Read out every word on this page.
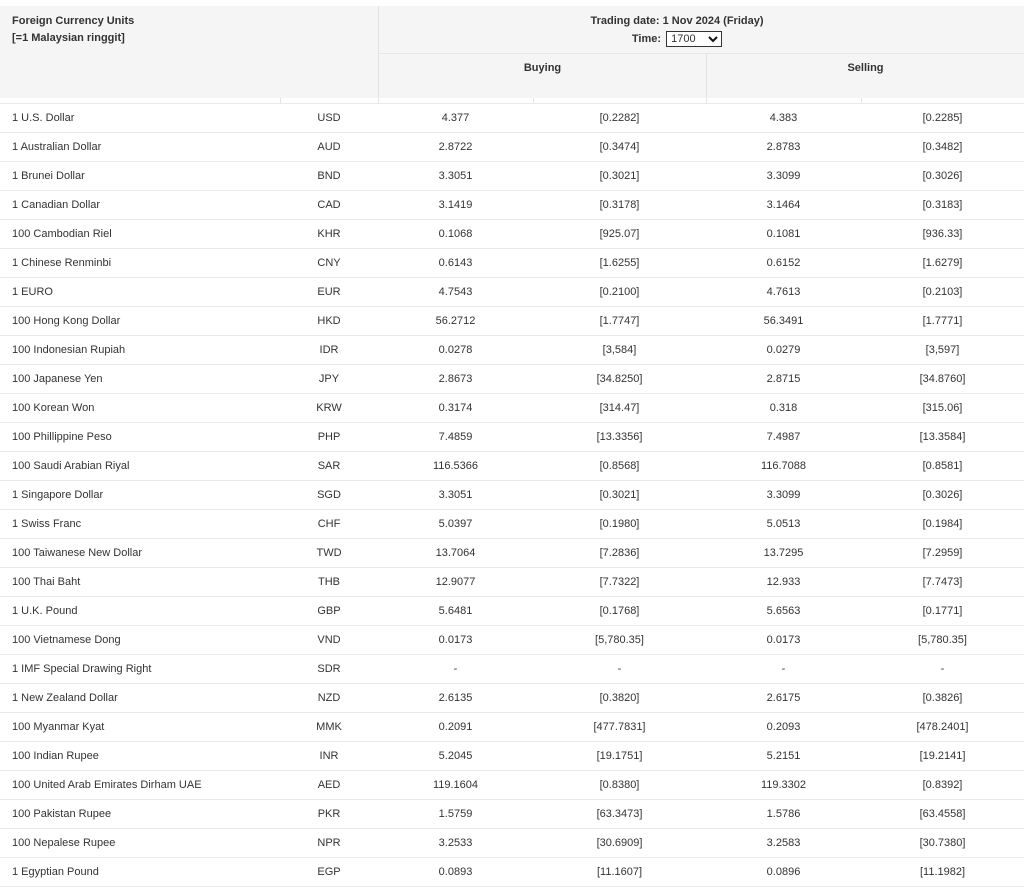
Foreign Currency Units
[=1 Malaysian ringgit]
Trading date: 1 Nov 2024 (Friday)
Time: 1700
Buying	Selling
1 U.S. Dollar	USD	4.377	[0.2282]	4.383	[0.2285]
1 Australian Dollar	AUD	2.8722	[0.3474]	2.8783	[0.3482]
1 Brunei Dollar	BND	3.3051	[0.3021]	3.3099	[0.3026]
1 Canadian Dollar	CAD	3.1419	[0.3178]	3.1464	[0.3183]
100 Cambodian Riel	KHR	0.1068	[925.07]	0.1081	[936.33]
1 Chinese Renminbi	CNY	0.6143	[1.6255]	0.6152	[1.6279]
1 EURO	EUR	4.7543	[0.2100]	4.7613	[0.2103]
100 Hong Kong Dollar	HKD	56.2712	[1.7747]	56.3491	[1.7771]
100 Indonesian Rupiah	IDR	0.0278	[3,584]	0.0279	[3,597]
100 Japanese Yen	JPY	2.8673	[34.8250]	2.8715	[34.8760]
100 Korean Won	KRW	0.3174	[314.47]	0.318	[315.06]
100 Phillippine Peso	PHP	7.4859	[13.3356]	7.4987	[13.3584]
100 Saudi Arabian Riyal	SAR	116.5366	[0.8568]	116.7088	[0.8581]
1 Singapore Dollar	SGD	3.3051	[0.3021]	3.3099	[0.3026]
1 Swiss Franc	CHF	5.0397	[0.1980]	5.0513	[0.1984]
100 Taiwanese New Dollar	TWD	13.7064	[7.2836]	13.7295	[7.2959]
100 Thai Baht	THB	12.9077	[7.7322]	12.933	[7.7473]
1 U.K. Pound	GBP	5.6481	[0.1768]	5.6563	[0.1771]
100 Vietnamese Dong	VND	0.0173	[5,780.35]	0.0173	[5,780.35]
1 IMF Special Drawing Right	SDR	-	-	-	-
1 New Zealand Dollar	NZD	2.6135	[0.3820]	2.6175	[0.3826]
100 Myanmar Kyat	MMK	0.2091	[477.7831]	0.2093	[478.2401]
100 Indian Rupee	INR	5.2045	[19.1751]	5.2151	[19.2141]
100 United Arab Emirates Dirham UAE	AED	119.1604	[0.8380]	119.3302	[0.8392]
100 Pakistan Rupee	PKR	1.5759	[63.3473]	1.5786	[63.4558]
100 Nepalese Rupee	NPR	3.2533	[30.6909]	3.2583	[30.7380]
1 Egyptian Pound	EGP	0.0893	[11.1607]	0.0896	[11.1982]
